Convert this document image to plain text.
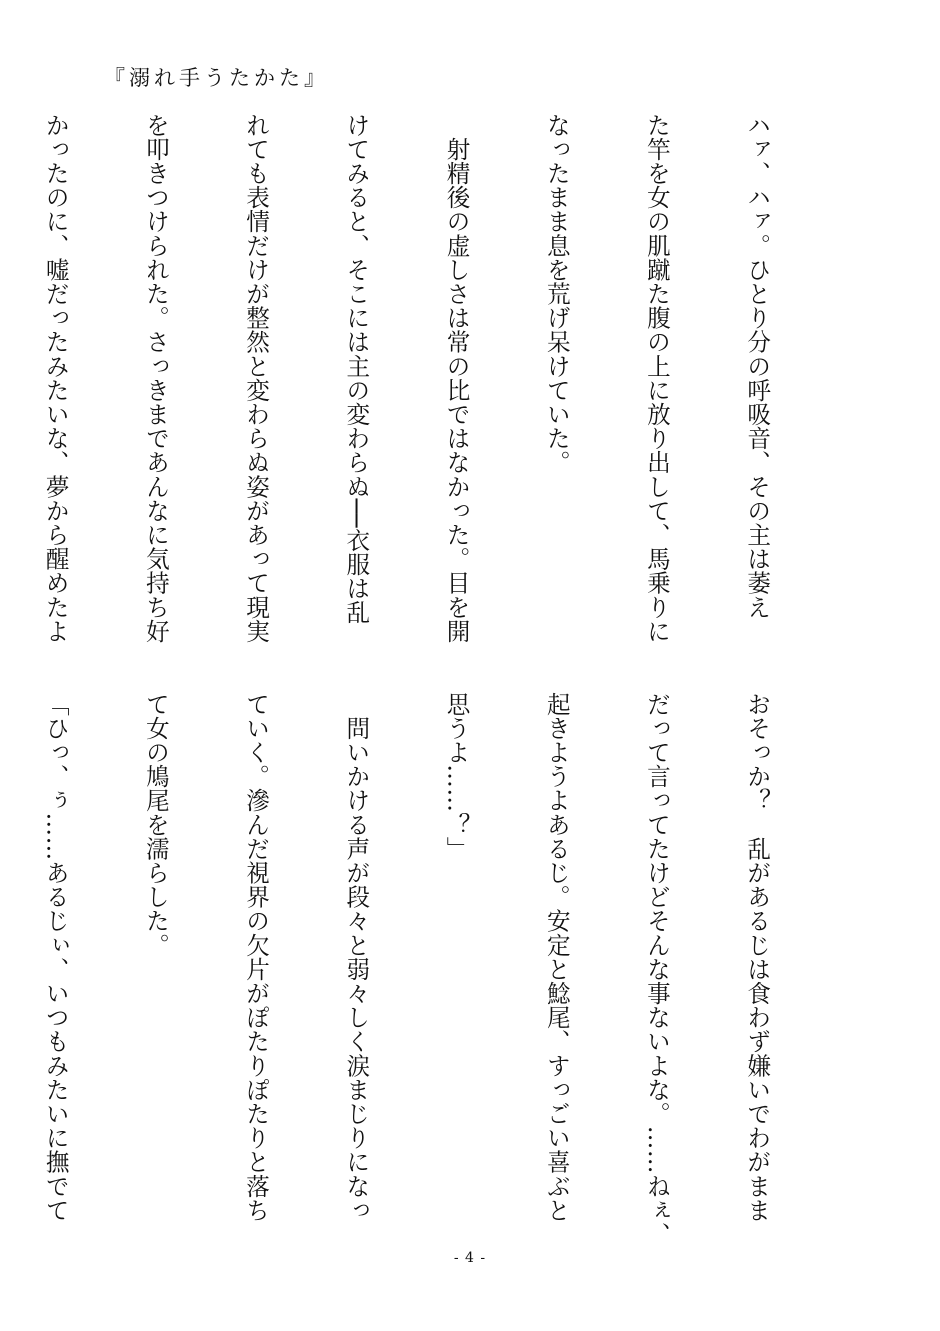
『溺れ手うたかた』

ハァ、ハァ。ひとり分の呼吸音、その主は萎え

た竿を女の肌蹴た腹の上に放り出して、馬乗りに

なったまま息を荒げ呆けていた。

　射精後の虚しさは常の比ではなかった。目を開

けてみると、そこには主の変わらぬ──衣服は乱

れても表情だけが整然と変わらぬ姿があって現実

を叩きつけられた。さっきまであんなに気持ち好

かったのに、嘘だったみたいな、夢から醒めたよ

おそっか？　乱があるじは食わず嫌いでわがまま

だって言ってたけどそんな事ないよな。……ねぇ、

起きようよあるじ。安定と鯰尾、すっごい喜ぶと

思うよ……？」

　問いかける声が段々と弱々しく涙まじりになっ

ていく。滲んだ視界の欠片がぽたりぽたりと落ち

て女の鳩尾を濡らした。

「ひっ、ぅ……あるじぃ、いつもみたいに撫でて

- 4 -
